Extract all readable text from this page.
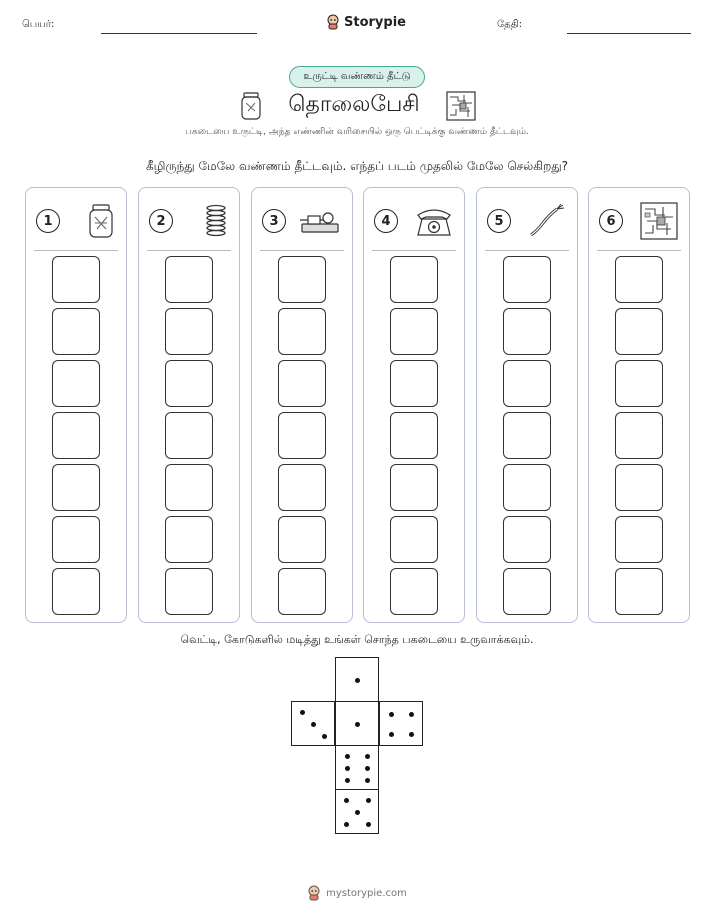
பெயர்:	Storypie	தேதி:
உருட்டி வண்ணம் தீட்டு
தொலைபேசி
பகடையை உருட்டி, அந்த எண்ணின் வரிசையில் ஒரு பெட்டிக்கு வண்ணம் தீட்டவும்.
கீழிருந்து மேலே வண்ணம் தீட்டவும். எந்தப் படம் முதலில் மேலே செல்கிறது?
1	2	3	4	5	6
வெட்டி, கோடுகளில் மடித்து உங்கள் சொந்த பகடையை உருவாக்கவும்.
mystorypie.com
